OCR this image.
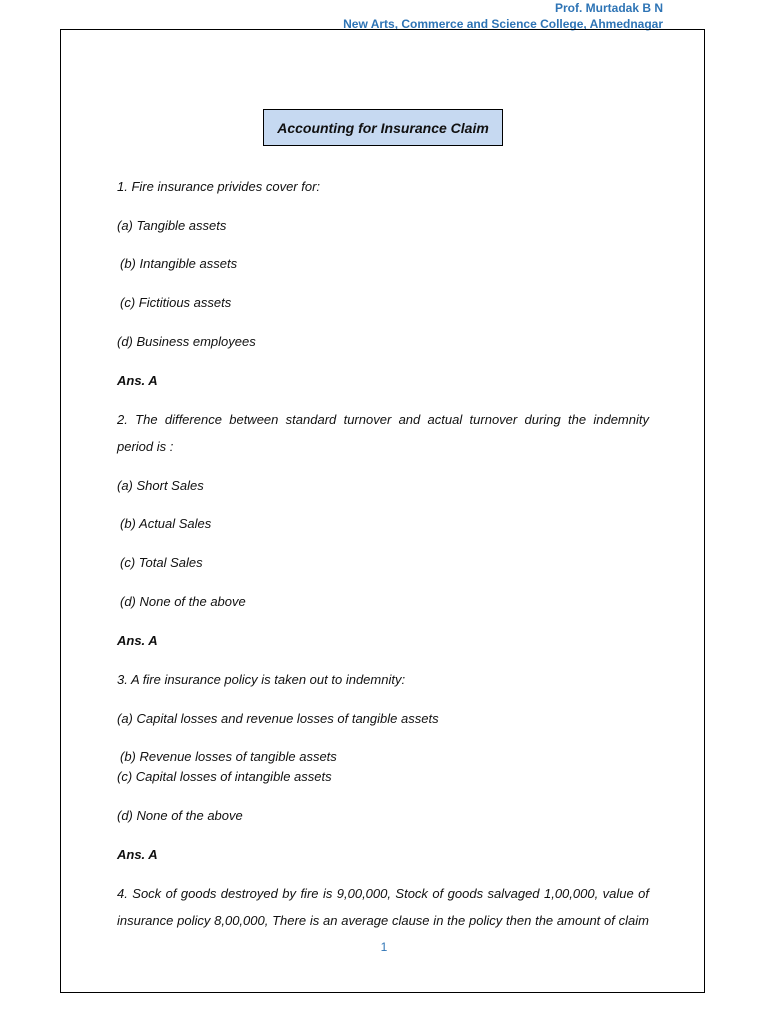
Prof. Murtadak B N
New Arts, Commerce and Science College, Ahmednagar
Accounting for Insurance Claim
1. Fire insurance privides cover for:
(a) Tangible assets
(b) Intangible assets
(c) Fictitious assets
(d) Business employees
Ans. A
2. The difference between standard turnover and actual turnover during the indemnity
period is :
(a) Short Sales
(b) Actual Sales
(c) Total Sales
(d) None of the above
Ans. A
3. A fire insurance policy is taken out to indemnity:
(a) Capital losses and revenue losses of tangible assets
(b) Revenue losses of tangible assets
(c) Capital losses of intangible assets
(d) None of the above
Ans. A
4. Sock of goods destroyed by fire is 9,00,000, Stock of goods salvaged 1,00,000, value of
insurance policy 8,00,000, There is an average clause in the policy then the amount of claim
1
